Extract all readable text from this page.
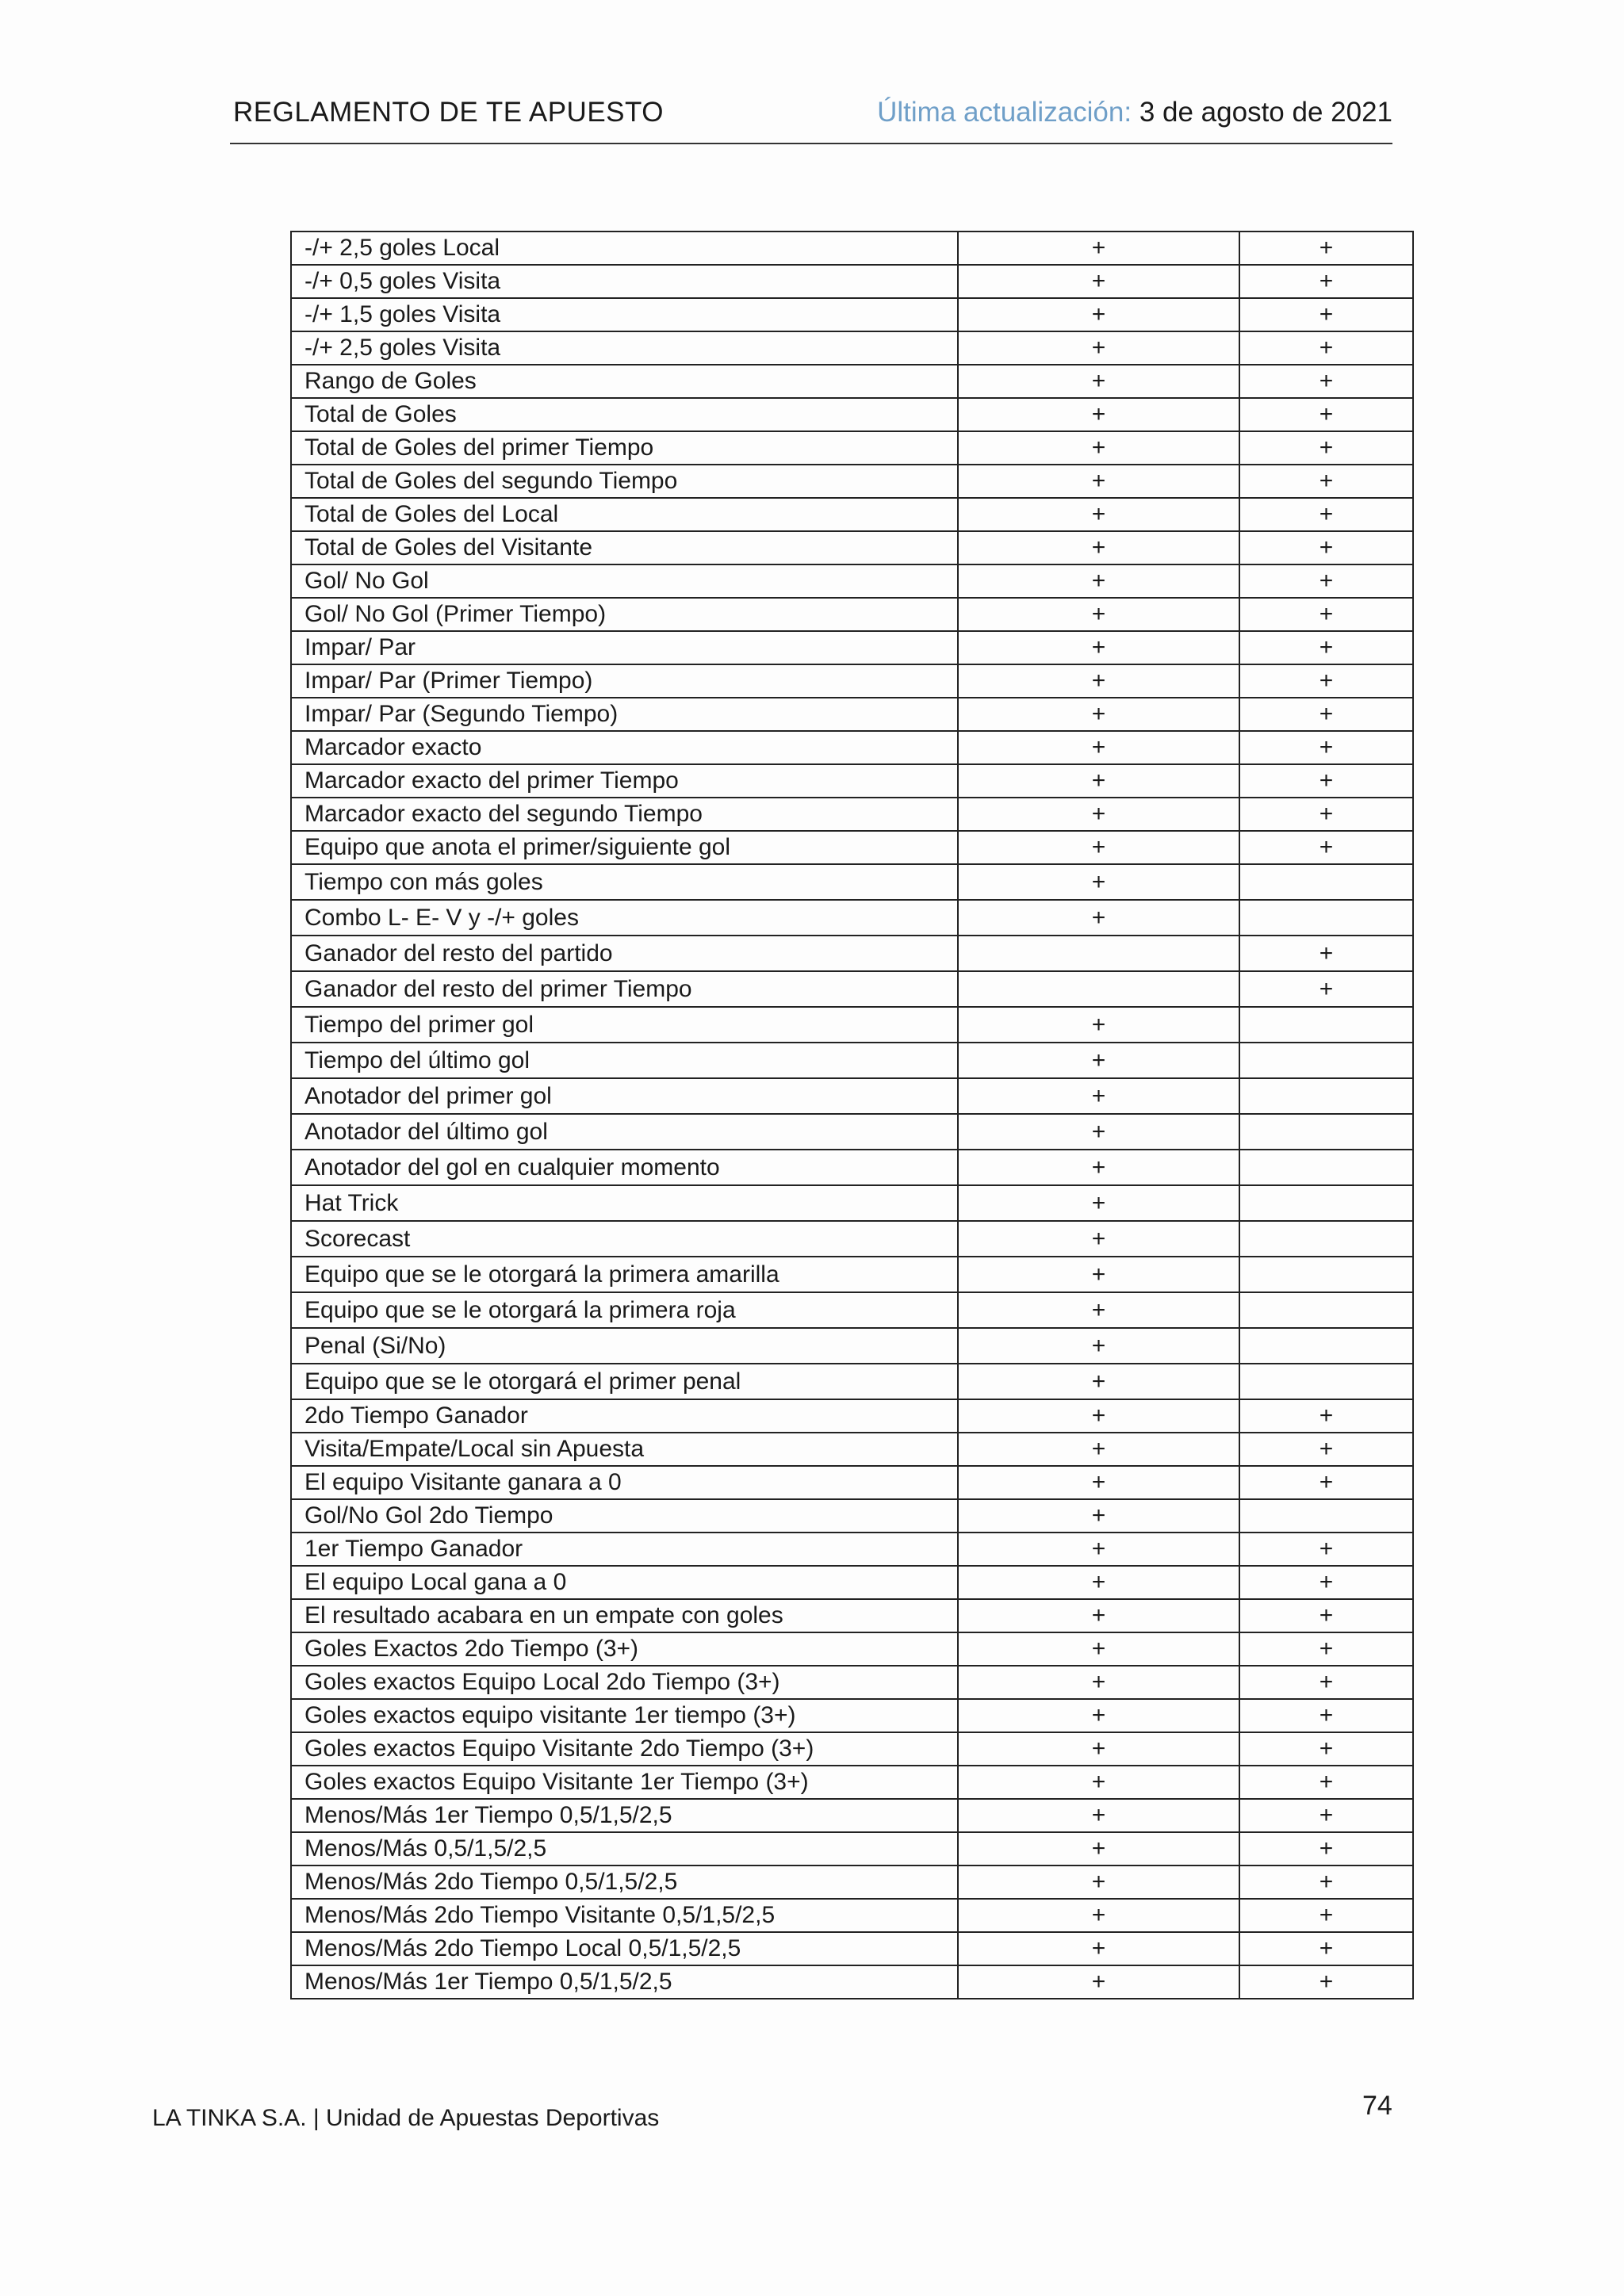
REGLAMENTO DE TE APUESTO	Última actualización: 3 de agosto de 2021
-/+ 2,5 goles Local	+	+
-/+ 0,5 goles Visita	+	+
-/+ 1,5 goles Visita	+	+
-/+ 2,5 goles Visita	+	+
Rango de Goles	+	+
Total de Goles	+	+
Total de Goles del primer Tiempo	+	+
Total de Goles del segundo Tiempo	+	+
Total de Goles del Local	+	+
Total de Goles del Visitante	+	+
Gol/ No Gol	+	+
Gol/ No Gol (Primer Tiempo)	+	+
Impar/ Par	+	+
Impar/ Par (Primer Tiempo)	+	+
Impar/ Par (Segundo Tiempo)	+	+
Marcador exacto	+	+
Marcador exacto del primer Tiempo	+	+
Marcador exacto del segundo Tiempo	+	+
Equipo que anota el primer/siguiente gol	+	+
Tiempo con más goles	+	
Combo L- E- V y -/+ goles	+	
Ganador del resto del partido		+
Ganador del resto del primer Tiempo		+
Tiempo del primer gol	+	
Tiempo del último gol	+	
Anotador del primer gol	+	
Anotador del último gol	+	
Anotador del gol en cualquier momento	+	
Hat Trick	+	
Scorecast	+	
Equipo que se le otorgará la primera amarilla	+	
Equipo que se le otorgará la primera roja	+	
Penal (Si/No)	+	
Equipo que se le otorgará el primer penal	+	
2do Tiempo Ganador	+	+
Visita/Empate/Local sin Apuesta	+	+
El equipo Visitante ganara a 0	+	+
Gol/No Gol 2do Tiempo	+	
1er Tiempo Ganador	+	+
El equipo Local gana a 0	+	+
El resultado acabara en un empate con goles	+	+
Goles Exactos 2do Tiempo (3+)	+	+
Goles exactos Equipo Local 2do Tiempo (3+)	+	+
Goles exactos equipo visitante 1er tiempo (3+)	+	+
Goles exactos Equipo Visitante 2do Tiempo (3+)	+	+
Goles exactos Equipo Visitante 1er Tiempo (3+)	+	+
Menos/Más 1er Tiempo 0,5/1,5/2,5	+	+
Menos/Más 0,5/1,5/2,5	+	+
Menos/Más 2do Tiempo 0,5/1,5/2,5	+	+
Menos/Más 2do Tiempo Visitante 0,5/1,5/2,5	+	+
Menos/Más 2do Tiempo Local 0,5/1,5/2,5	+	+
Menos/Más 1er Tiempo 0,5/1,5/2,5	+	+
LA TINKA S.A. | Unidad de Apuestas Deportivas	74
